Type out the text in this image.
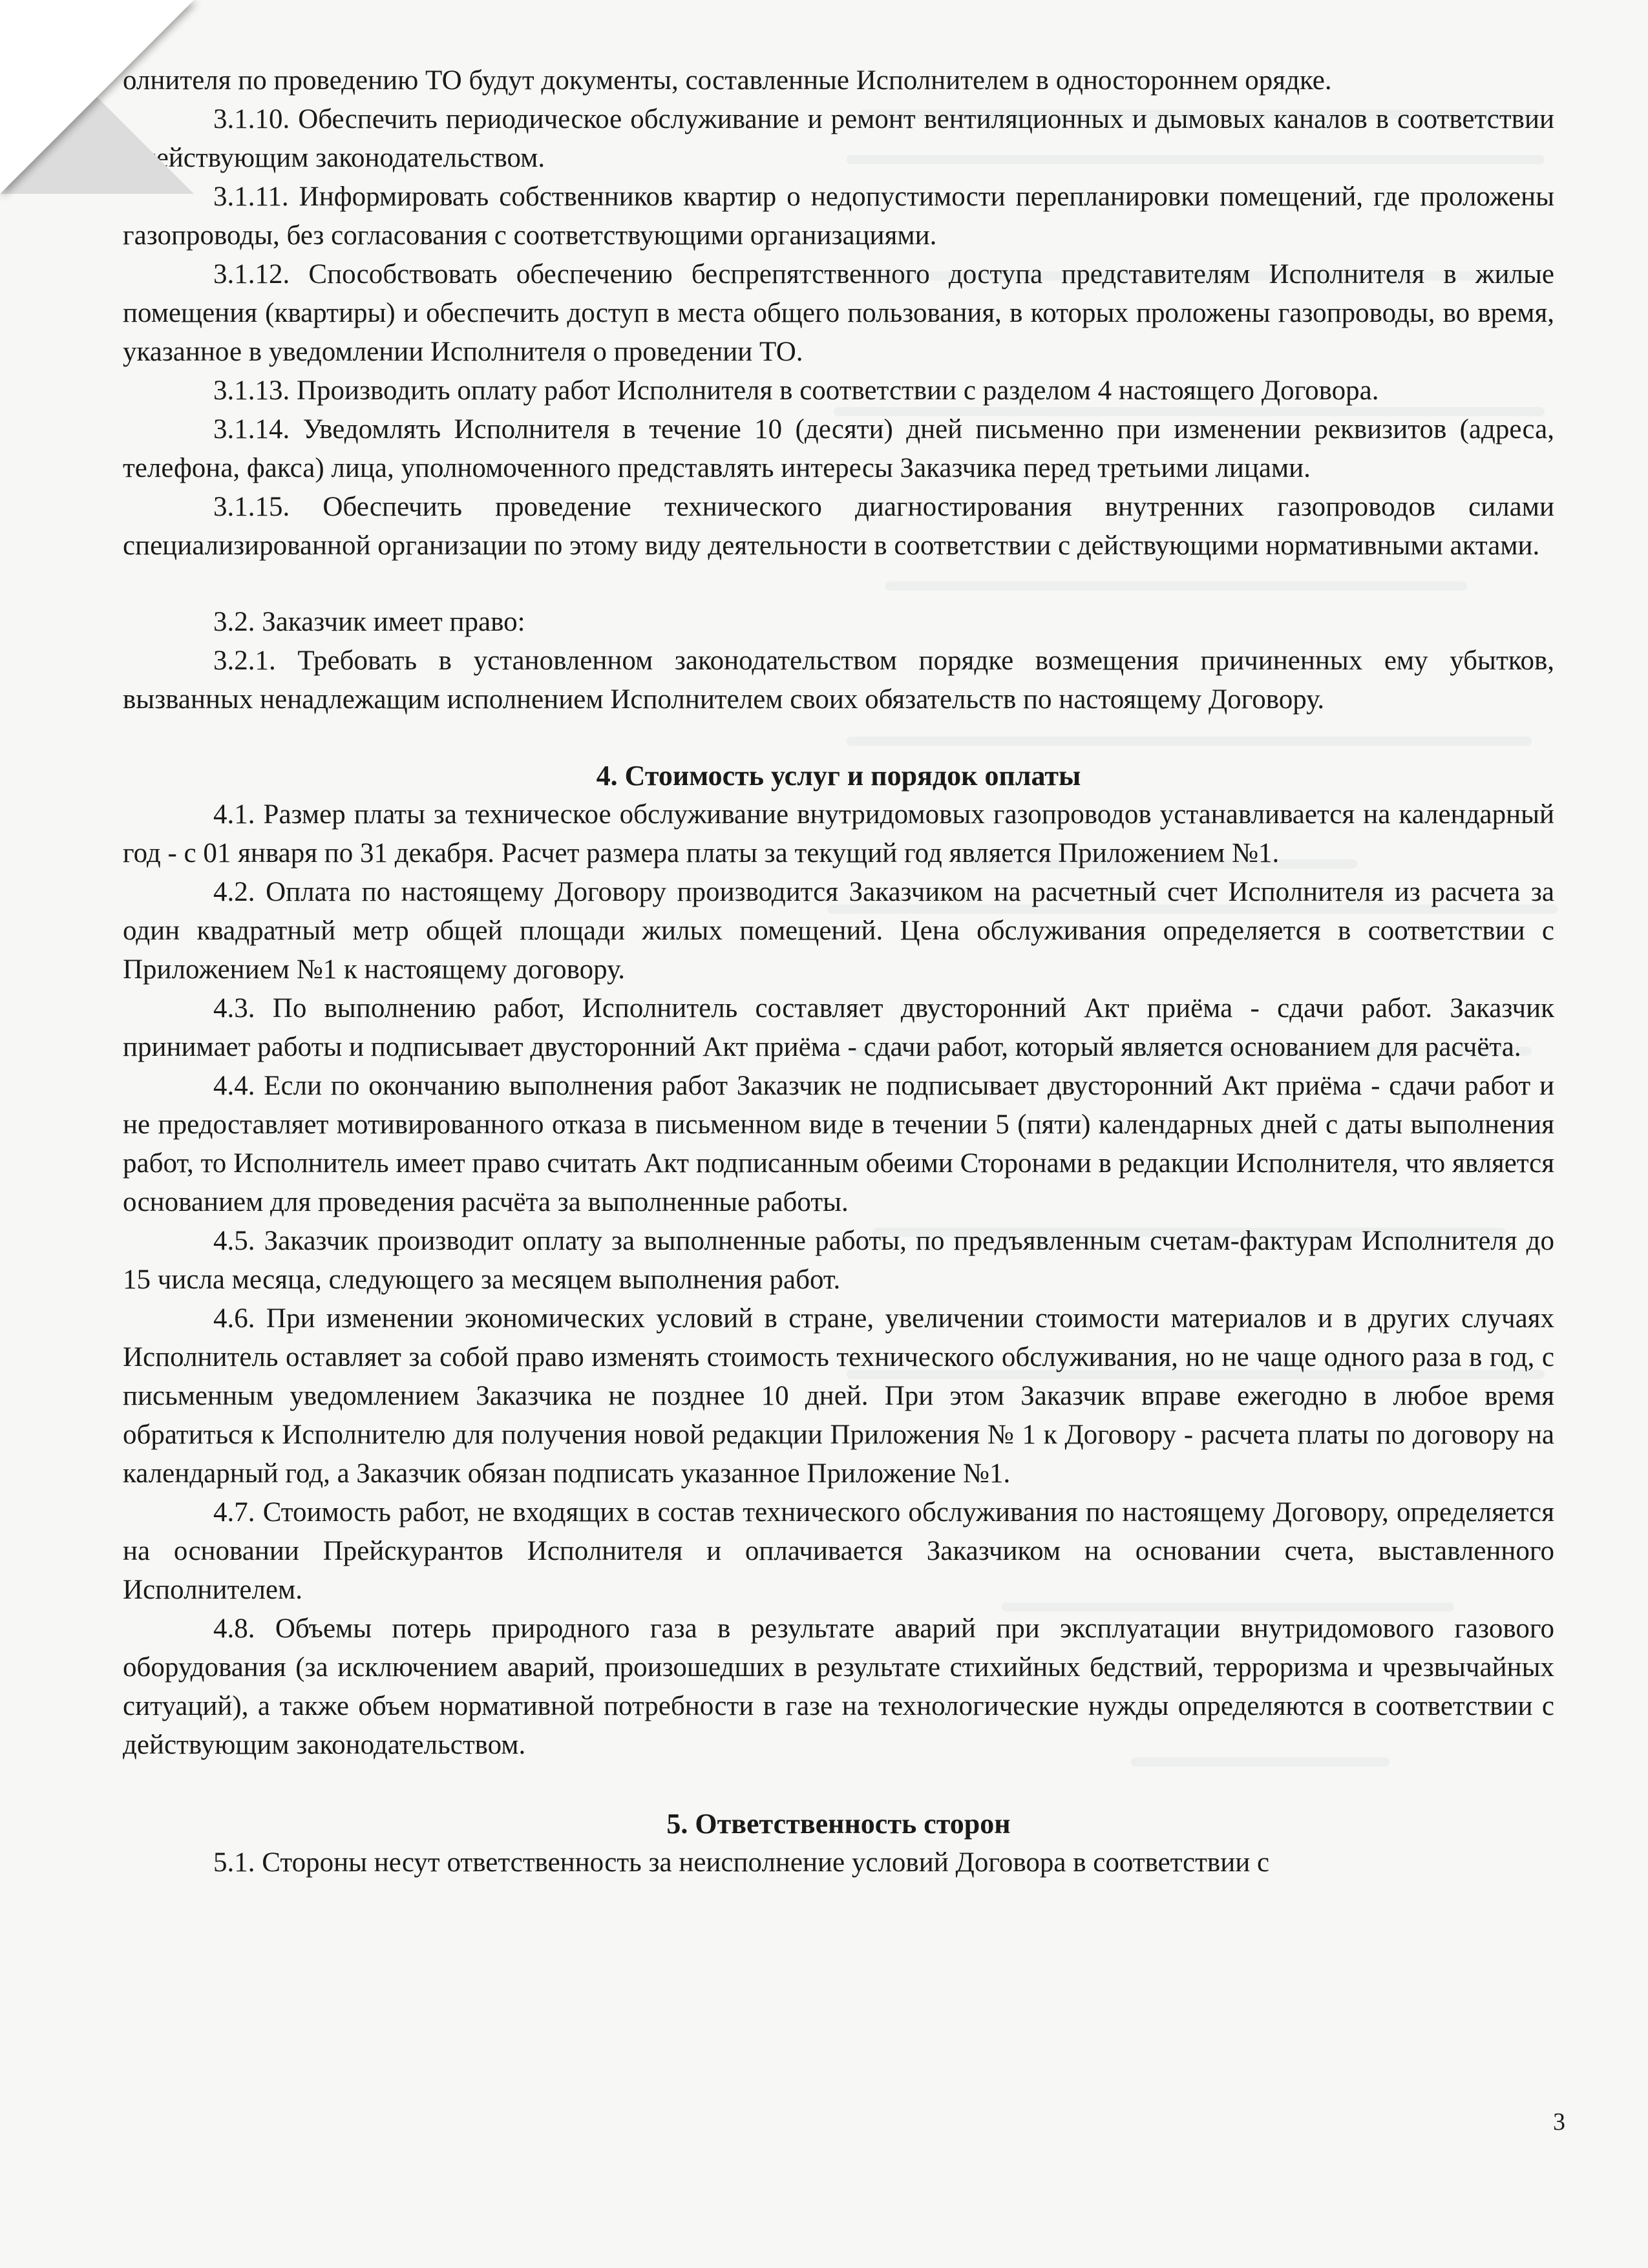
олнителя по проведению ТО будут документы, составленные Исполнителем в одностороннем орядке.

3.1.10. Обеспечить периодическое обслуживание и ремонт вентиляционных и дымовых каналов в соответствии с действующим законодательством.

3.1.11. Информировать собственников квартир о недопустимости перепланировки помещений, где проложены газопроводы, без согласования с соответствующими организациями.

3.1.12. Способствовать обеспечению беспрепятственного доступа представителям Исполнителя в жилые помещения (квартиры) и обеспечить доступ в места общего пользования, в которых проложены газопроводы, во время, указанное в уведомлении Исполнителя о проведении ТО.

3.1.13. Производить оплату работ Исполнителя в соответствии с разделом 4 настоящего Договора.

3.1.14. Уведомлять Исполнителя в течение 10 (десяти) дней письменно при изменении реквизитов (адреса, телефона, факса) лица, уполномоченного представлять интересы Заказчика перед третьими лицами.

3.1.15. Обеспечить проведение технического диагностирования внутренних газопроводов силами специализированной организации по этому виду деятельности в соответствии с действующими нормативными актами.

3.2. Заказчик имеет право:

3.2.1. Требовать в установленном законодательством порядке возмещения причиненных ему убытков, вызванных ненадлежащим исполнением Исполнителем своих обязательств по настоящему Договору.

4. Стоимость услуг и порядок оплаты

4.1. Размер платы за техническое обслуживание внутридомовых газопроводов устанавливается на календарный год - с 01 января по 31 декабря. Расчет размера платы за текущий год является Приложением №1.

4.2. Оплата по настоящему Договору производится Заказчиком на расчетный счет Исполнителя из расчета за один квадратный метр общей площади жилых помещений. Цена обслуживания определяется в соответствии с Приложением №1 к настоящему договору.

4.3. По выполнению работ, Исполнитель составляет двусторонний Акт приёма - сдачи работ. Заказчик принимает работы и подписывает двусторонний Акт приёма - сдачи работ, который является основанием для расчёта.

4.4. Если по окончанию выполнения работ Заказчик не подписывает двусторонний Акт приёма - сдачи работ и не предоставляет мотивированного отказа в письменном виде в течении 5 (пяти) календарных дней с даты выполнения работ, то Исполнитель имеет право считать Акт подписанным обеими Сторонами в редакции Исполнителя, что является основанием для проведения расчёта за выполненные работы.

4.5. Заказчик производит оплату за выполненные работы, по предъявленным счетам-фактурам Исполнителя до 15 числа месяца, следующего за месяцем выполнения работ.

4.6. При изменении экономических условий в стране, увеличении стоимости материалов и в других случаях Исполнитель оставляет за собой право изменять стоимость технического обслуживания, но не чаще одного раза в год, с письменным уведомлением Заказчика не позднее 10 дней. При этом Заказчик вправе ежегодно в любое время обратиться к Исполнителю для получения новой редакции Приложения № 1 к Договору - расчета платы по договору на календарный год, а Заказчик обязан подписать указанное Приложение №1.

4.7. Стоимость работ, не входящих в состав технического обслуживания по настоящему Договору, определяется на основании Прейскурантов Исполнителя и оплачивается Заказчиком на основании счета, выставленного Исполнителем.

4.8. Объемы потерь природного газа в результате аварий при эксплуатации внутридомового газового оборудования (за исключением аварий, произошедших в результате стихийных бедствий, терроризма и чрезвычайных ситуаций), а также объем нормативной потребности в газе на технологические нужды определяются в соответствии с действующим законодательством.

5. Ответственность сторон

5.1. Стороны несут ответственность за неисполнение условий Договора в соответствии с

3
